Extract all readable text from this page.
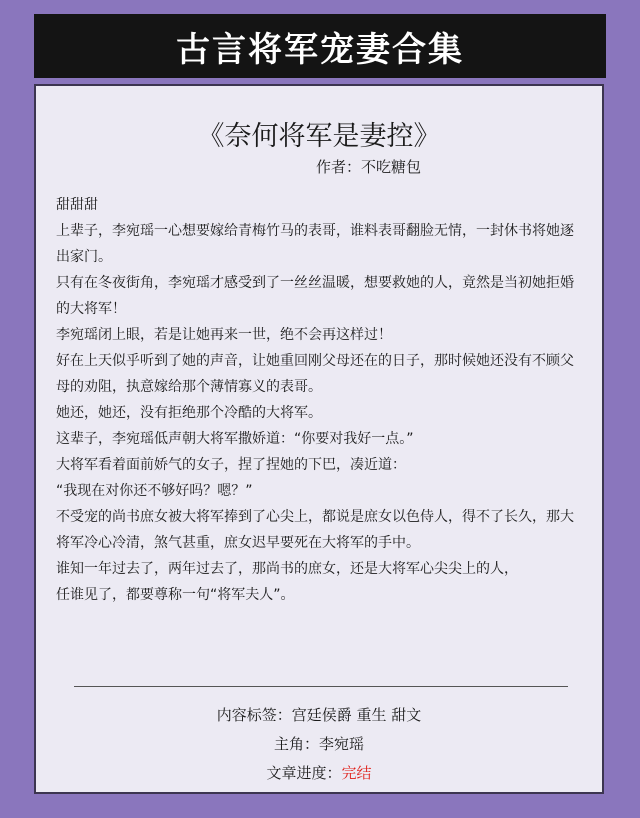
古言将军宠妻合集
《奈何将军是妻控》
作者：不吃糖包

甜甜甜

上辈子，李宛瑶一心想要嫁给青梅竹马的表哥，谁料表哥翻脸无情，一封休书将她逐出家门。

只有在冬夜街角，李宛瑶才感受到了一丝丝温暖，想要救她的人，竟然是当初她拒婚的大将军！

李宛瑶闭上眼，若是让她再来一世，绝不会再这样过！

好在上天似乎听到了她的声音，让她重回刚父母还在的日子，那时候她还没有不顾父母的劝阻，执意嫁给那个薄情寡义的表哥。

她还，她还，没有拒绝那个冷酷的大将军。

这辈子，李宛瑶低声朝大将军撒娇道：“你要对我好一点。”

大将军看着面前娇气的女子，捏了捏她的下巴，凑近道：

“我现在对你还不够好吗？嗯？”

不受宠的尚书庶女被大将军捧到了心尖上，都说是庶女以色侍人，得不了长久，那大将军冷心冷清，煞气甚重，庶女迟早要死在大将军的手中。

谁知一年过去了，两年过去了，那尚书的庶女，还是大将军心尖尖上的人，

任谁见了，都要尊称一句“将军夫人”。

内容标签：宫廷侯爵 重生 甜文
主角：李宛瑶
文章进度：完结
